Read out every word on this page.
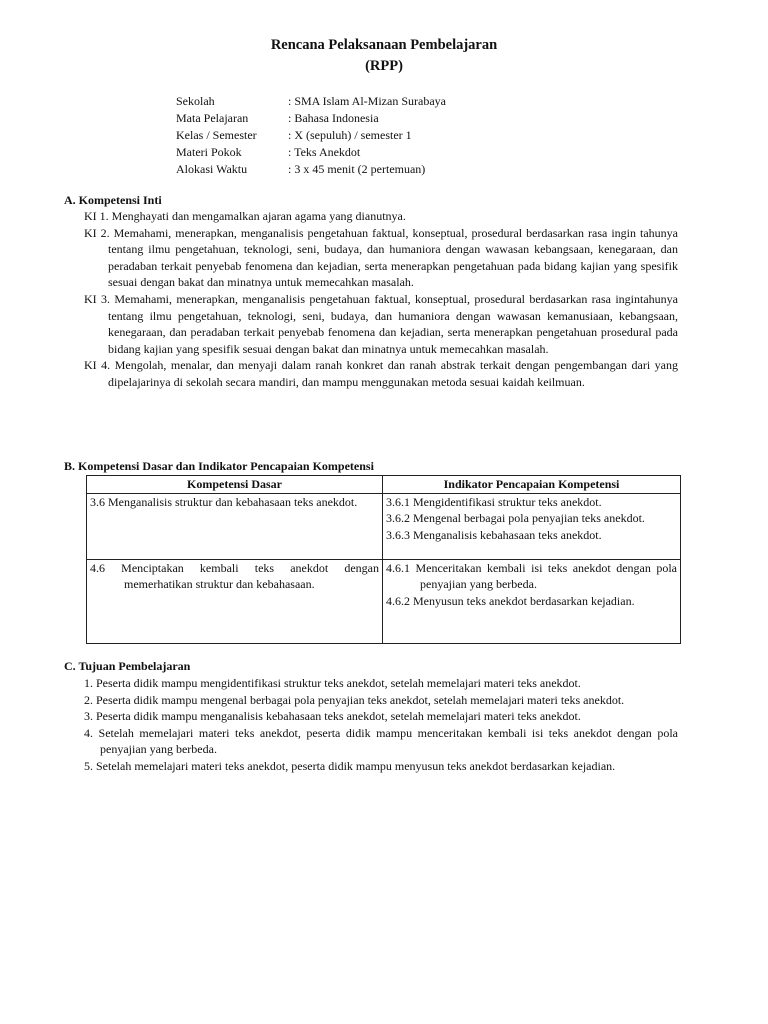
Rencana Pelaksanaan Pembelajaran
(RPP)
Sekolah	: SMA Islam Al-Mizan Surabaya
Mata Pelajaran	: Bahasa Indonesia
Kelas / Semester	: X (sepuluh) / semester 1
Materi Pokok	: Teks Anekdot
Alokasi Waktu	: 3 x 45 menit (2 pertemuan)
A. Kompetensi Inti
KI 1. Menghayati dan mengamalkan ajaran agama yang dianutnya.
KI 2. Memahami, menerapkan, menganalisis pengetahuan faktual, konseptual, prosedural berdasarkan rasa ingin tahunya tentang ilmu pengetahuan, teknologi, seni, budaya, dan humaniora dengan wawasan kebangsaan, kenegaraan, dan peradaban terkait penyebab fenomena dan kejadian, serta menerapkan pengetahuan pada bidang kajian yang spesifik sesuai dengan bakat dan minatnya untuk memecahkan masalah.
KI 3. Memahami, menerapkan, menganalisis pengetahuan faktual, konseptual, prosedural berdasarkan rasa ingintahunya tentang ilmu pengetahuan, teknologi, seni, budaya, dan humaniora dengan wawasan kemanusiaan, kebangsaan, kenegaraan, dan peradaban terkait penyebab fenomena dan kejadian, serta menerapkan pengetahuan prosedural pada bidang kajian yang spesifik sesuai dengan bakat dan minatnya untuk memecahkan masalah.
KI 4. Mengolah, menalar, dan menyaji dalam ranah konkret dan ranah abstrak terkait dengan pengembangan dari yang dipelajarinya di sekolah secara mandiri, dan mampu menggunakan metoda sesuai kaidah keilmuan.
B. Kompetensi Dasar dan Indikator Pencapaian Kompetensi
Kompetensi Dasar	Indikator Pencapaian Kompetensi
3.6 Menganalisis struktur dan kebahasaan teks anekdot.	3.6.1 Mengidentifikasi struktur teks anekdot.
3.6.2 Mengenal berbagai pola penyajian teks anekdot.
3.6.3 Menganalisis kebahasaan teks anekdot.

4.6 Menciptakan kembali teks anekdot dengan memerhatikan struktur dan kebahasaan.	4.6.1 Menceritakan kembali isi teks anekdot dengan pola penyajian yang berbeda.
4.6.2 Menyusun teks anekdot berdasarkan kejadian.
C. Tujuan Pembelajaran
1. Peserta didik mampu mengidentifikasi struktur teks anekdot, setelah memelajari materi teks anekdot.
2. Peserta didik mampu mengenal berbagai pola penyajian teks anekdot, setelah memelajari materi teks anekdot.
3. Peserta didik mampu menganalisis kebahasaan teks anekdot, setelah memelajari materi teks anekdot.
4. Setelah memelajari materi teks anekdot, peserta didik mampu menceritakan kembali isi teks anekdot dengan pola penyajian yang berbeda.
5. Setelah memelajari materi teks anekdot, peserta didik mampu menyusun teks anekdot berdasarkan kejadian.
